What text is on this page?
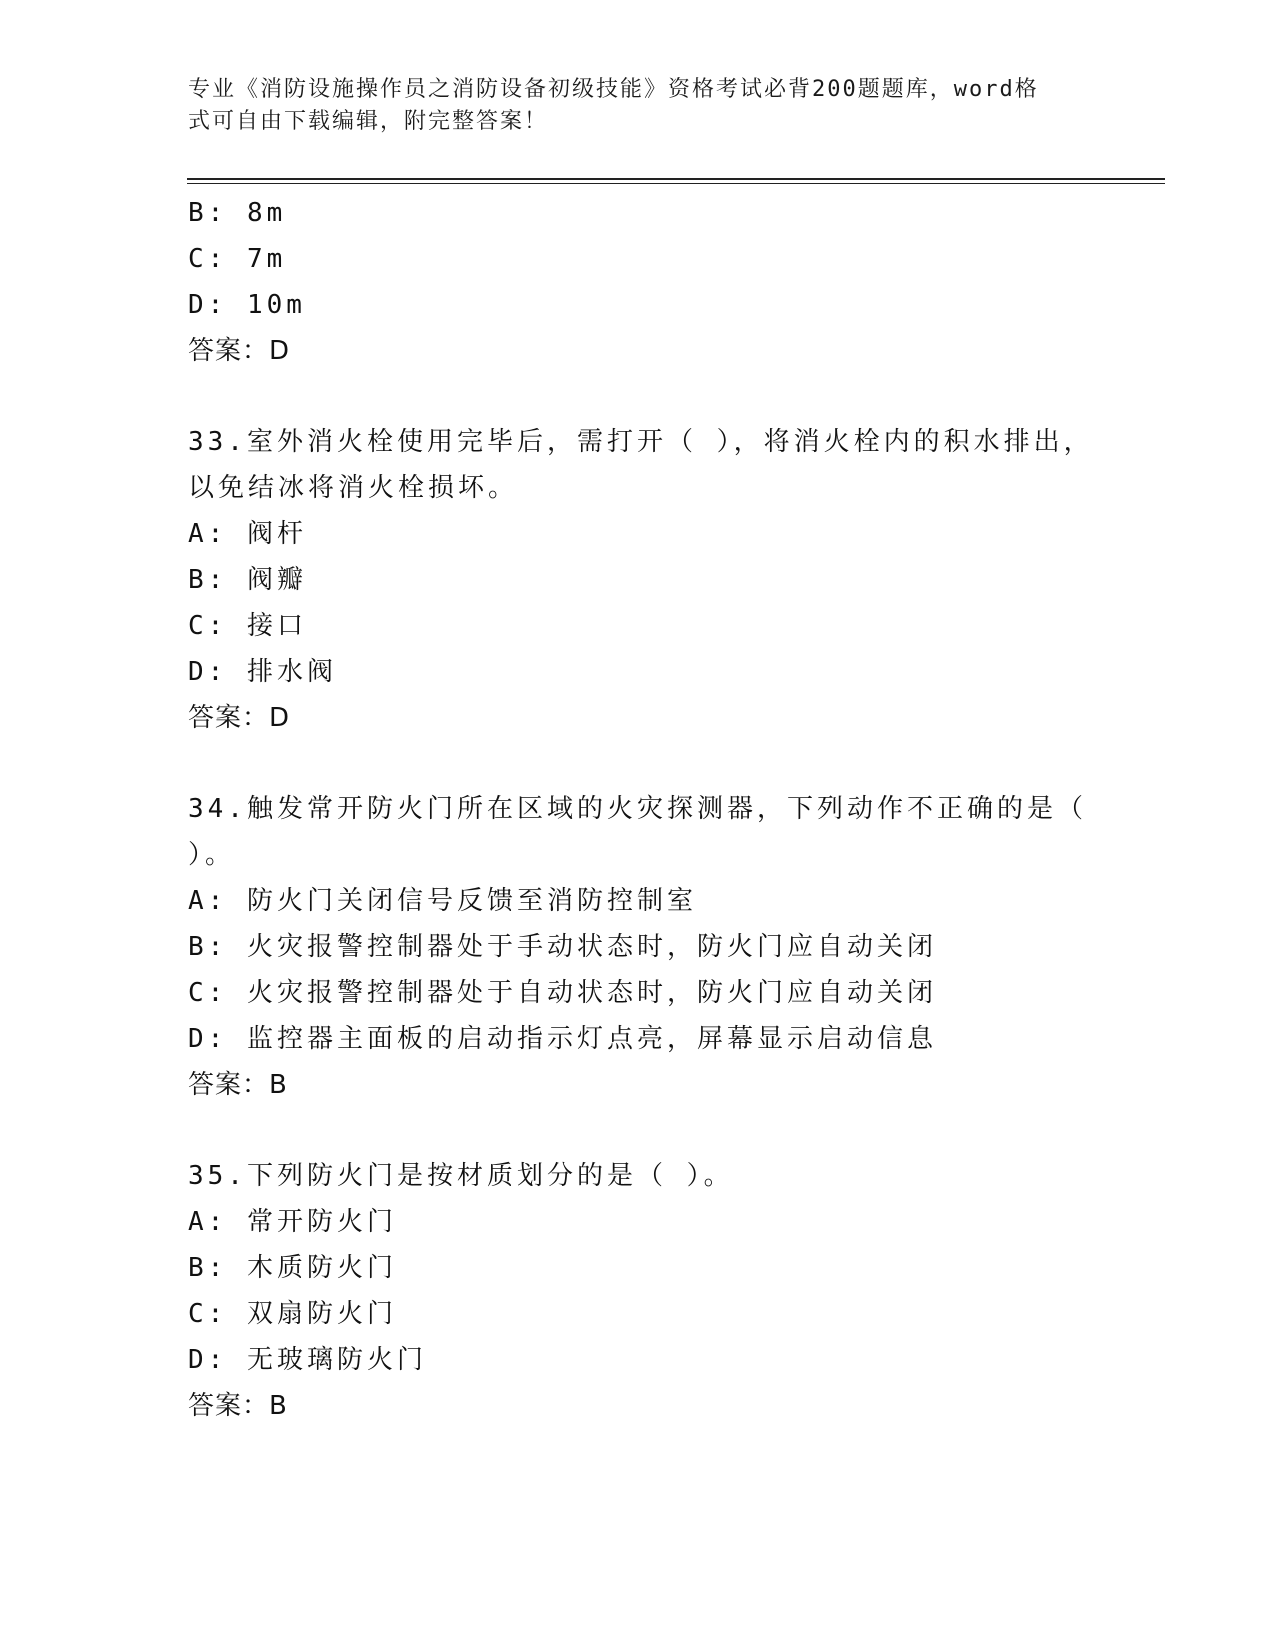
专业《消防设施操作员之消防设备初级技能》资格考试必背200题题库，word格
式可自由下载编辑，附完整答案！
B: 8m
C: 7m
D: 10m
答案：D
33.室外消火栓使用完毕后，需打开（ ），将消火栓内的积水排出，
以免结冰将消火栓损坏。
A: 阀杆
B: 阀瓣
C: 接口
D: 排水阀
答案：D
34.触发常开防火门所在区域的火灾探测器，下列动作不正确的是（
）。
A: 防火门关闭信号反馈至消防控制室
B: 火灾报警控制器处于手动状态时，防火门应自动关闭
C: 火灾报警控制器处于自动状态时，防火门应自动关闭
D: 监控器主面板的启动指示灯点亮，屏幕显示启动信息
答案：B
35.下列防火门是按材质划分的是（ ）。
A: 常开防火门
B: 木质防火门
C: 双扇防火门
D: 无玻璃防火门
答案：B
